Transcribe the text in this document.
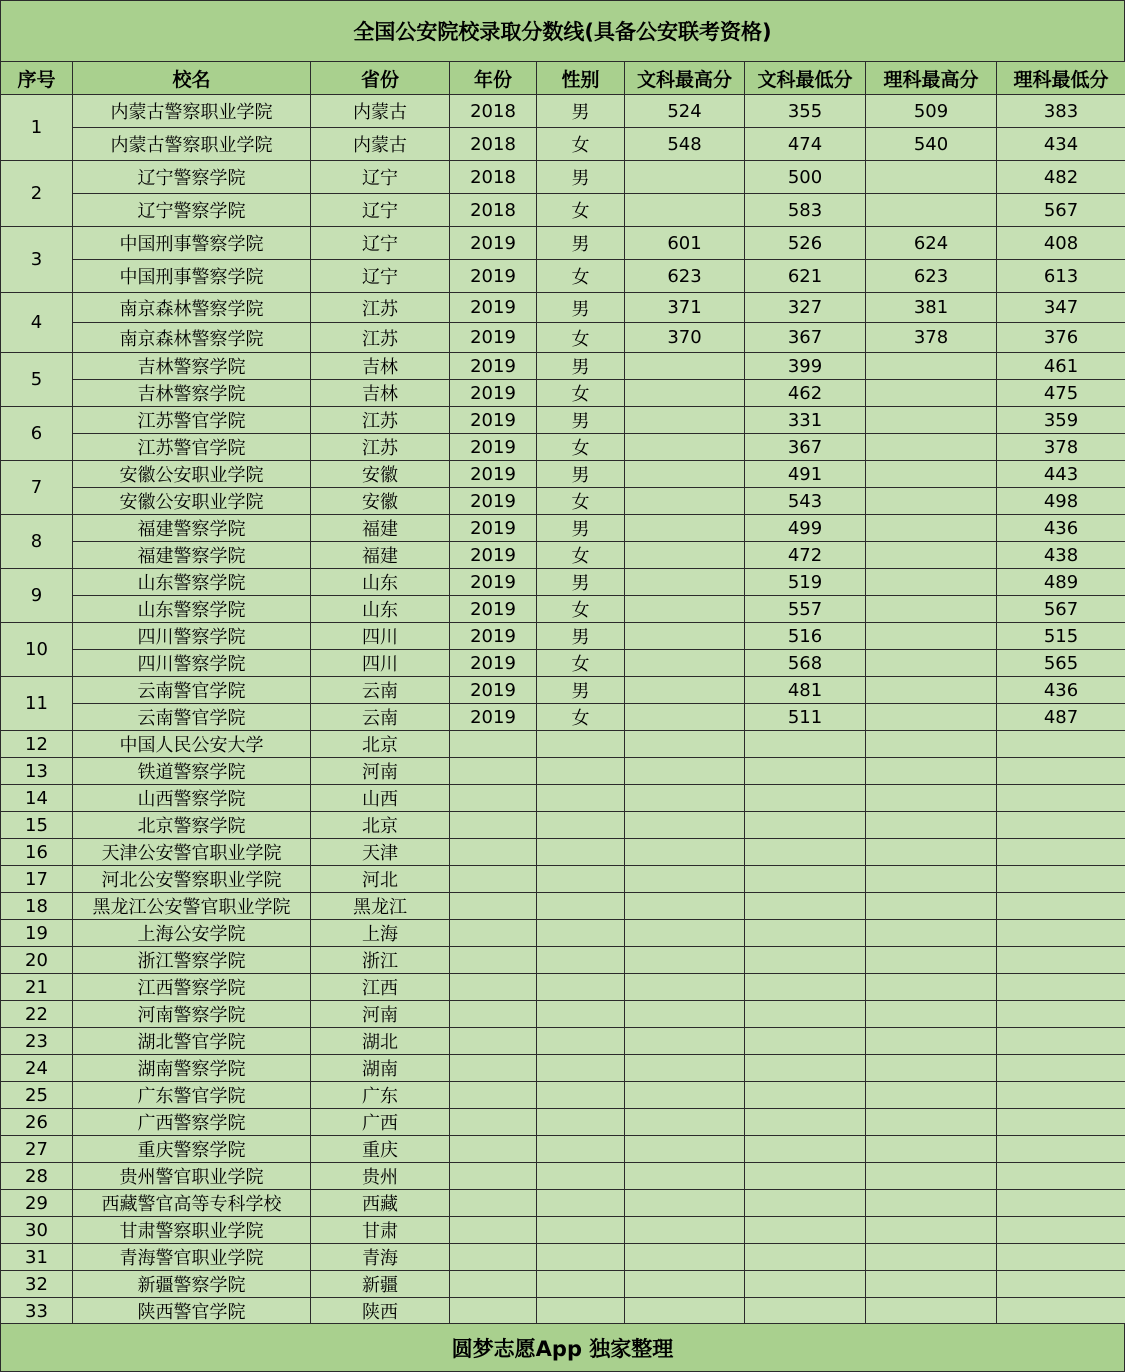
全国公安院校录取分数线(具备公安联考资格)
序号	校名	省份	年份	性别	文科最高分	文科最低分	理科最高分	理科最低分
1	内蒙古警察职业学院	内蒙古	2018	男	524	355	509	383
	内蒙古警察职业学院	内蒙古	2018	女	548	474	540	434
2	辽宁警察学院	辽宁	2018	男		500		482
	辽宁警察学院	辽宁	2018	女		583		567
3	中国刑事警察学院	辽宁	2019	男	601	526	624	408
	中国刑事警察学院	辽宁	2019	女	623	621	623	613
4	南京森林警察学院	江苏	2019	男	371	327	381	347
	南京森林警察学院	江苏	2019	女	370	367	378	376
5	吉林警察学院	吉林	2019	男		399		461
	吉林警察学院	吉林	2019	女		462		475
6	江苏警官学院	江苏	2019	男		331		359
	江苏警官学院	江苏	2019	女		367		378
7	安徽公安职业学院	安徽	2019	男		491		443
	安徽公安职业学院	安徽	2019	女		543		498
8	福建警察学院	福建	2019	男		499		436
	福建警察学院	福建	2019	女		472		438
9	山东警察学院	山东	2019	男		519		489
	山东警察学院	山东	2019	女		557		567
10	四川警察学院	四川	2019	男		516		515
	四川警察学院	四川	2019	女		568		565
11	云南警官学院	云南	2019	男		481		436
	云南警官学院	云南	2019	女		511		487
12	中国人民公安大学	北京						
13	铁道警察学院	河南						
14	山西警察学院	山西						
15	北京警察学院	北京						
16	天津公安警官职业学院	天津						
17	河北公安警察职业学院	河北						
18	黑龙江公安警官职业学院	黑龙江						
19	上海公安学院	上海						
20	浙江警察学院	浙江						
21	江西警察学院	江西						
22	河南警察学院	河南						
23	湖北警官学院	湖北						
24	湖南警察学院	湖南						
25	广东警官学院	广东						
26	广西警察学院	广西						
27	重庆警察学院	重庆						
28	贵州警官职业学院	贵州						
29	西藏警官高等专科学校	西藏						
30	甘肃警察职业学院	甘肃						
31	青海警官职业学院	青海						
32	新疆警察学院	新疆						
33	陕西警官学院	陕西						
圆梦志愿App 独家整理
